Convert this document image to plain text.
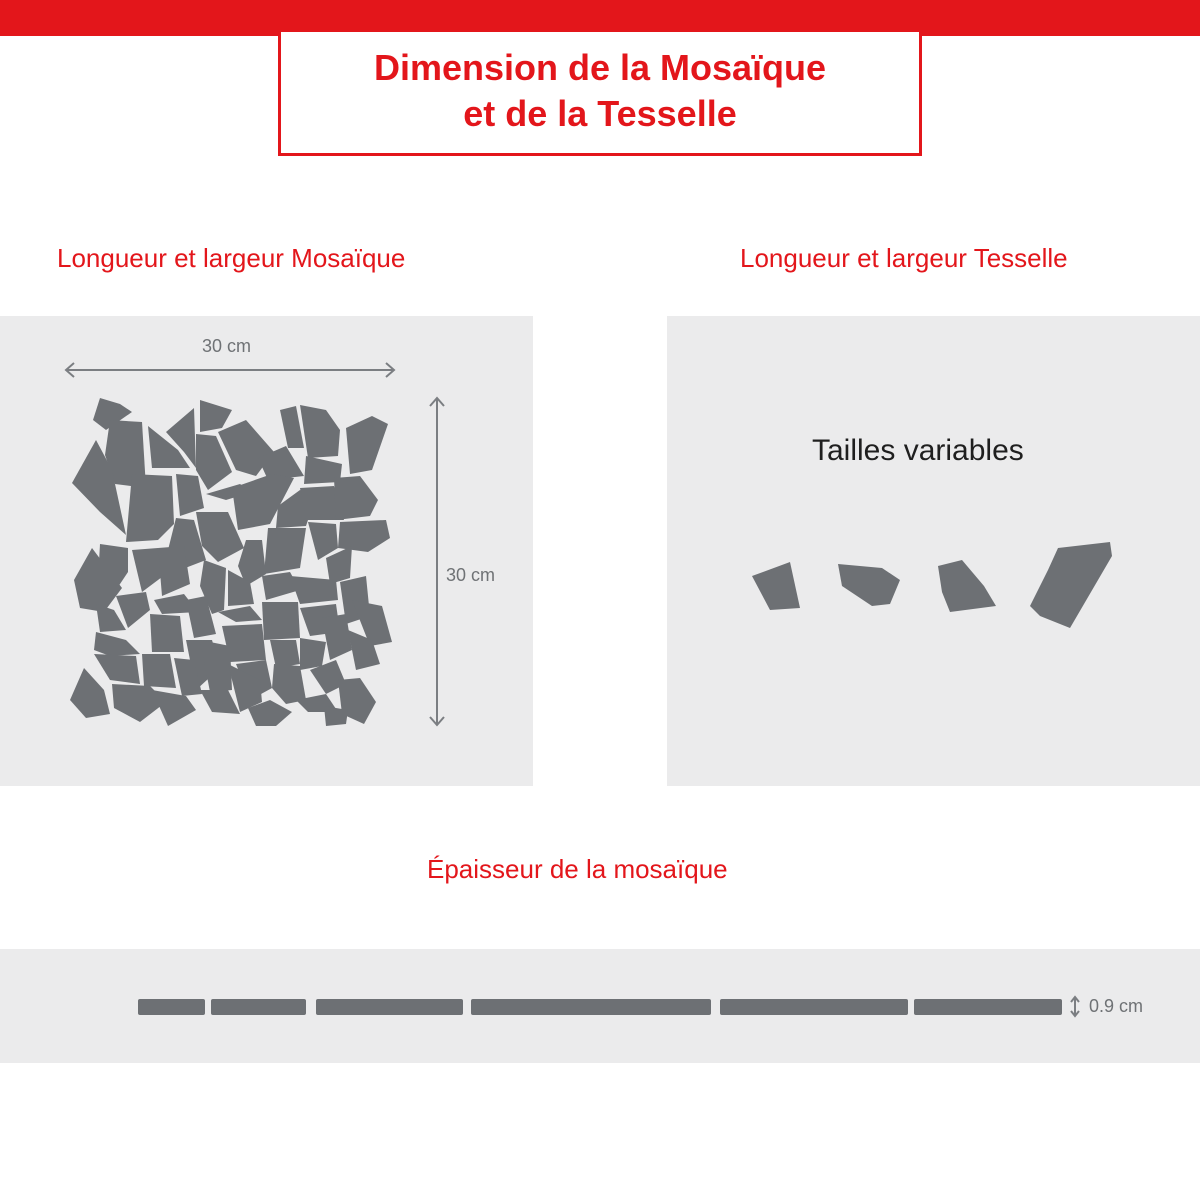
Dimension de la Mosaïque
et de la Tesselle
Longueur et largeur Mosaïque
30 cm
30 cm
Longueur et largeur Tesselle
Tailles variables
Épaisseur de la mosaïque
0.9 cm
